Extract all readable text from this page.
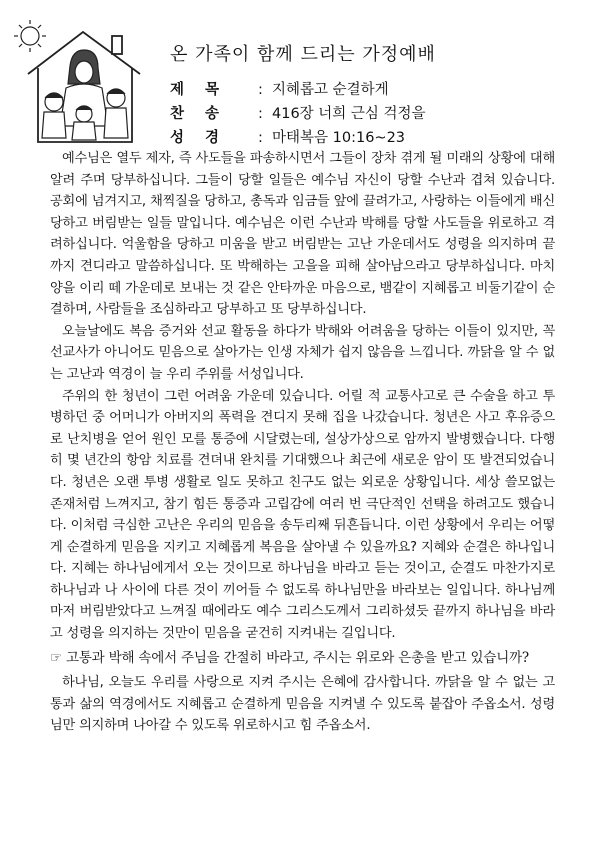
온 가족이 함께 드리는 가정예배
제 목	: 지혜롭고 순결하게
찬 송	: 416장 너희 근심 걱정을
성 경	: 마태복음 10:16~23

예수님은 열두 제자, 즉 사도들을 파송하시면서 그들이 장차 겪게 될 미래의 상황에 대해 알려 주며 당부하십니다. 그들이 당할 일들은 예수님 자신이 당할 수난과 겹쳐 있습니다. 공회에 넘겨지고, 채찍질을 당하고, 총독과 임금들 앞에 끌려가고, 사랑하는 이들에게 배신당하고 버림받는 일들 말입니다. 예수님은 이런 수난과 박해를 당할 사도들을 위로하고 격려하십니다. 억울함을 당하고 미움을 받고 버림받는 고난 가운데서도 성령을 의지하며 끝까지 견디라고 말씀하십니다. 또 박해하는 고을을 피해 살아남으라고 당부하십니다. 마치 양을 이리 떼 가운데로 보내는 것 같은 안타까운 마음으로, 뱀같이 지혜롭고 비둘기같이 순결하며, 사람들을 조심하라고 당부하고 또 당부하십니다.

오늘날에도 복음 증거와 선교 활동을 하다가 박해와 어려움을 당하는 이들이 있지만, 꼭 선교사가 아니어도 믿음으로 살아가는 인생 자체가 쉽지 않음을 느낍니다. 까닭을 알 수 없는 고난과 역경이 늘 우리 주위를 서성입니다.

주위의 한 청년이 그런 어려움 가운데 있습니다. 어릴 적 교통사고로 큰 수술을 하고 투병하던 중 어머니가 아버지의 폭력을 견디지 못해 집을 나갔습니다. 청년은 사고 후유증으로 난치병을 얻어 원인 모를 통증에 시달렸는데, 설상가상으로 암까지 발병했습니다. 다행히 몇 년간의 항암 치료를 견뎌내 완치를 기대했으나 최근에 새로운 암이 또 발견되었습니다. 청년은 오랜 투병 생활로 일도 못하고 친구도 없는 외로운 상황입니다. 세상 쓸모없는 존재처럼 느껴지고, 참기 힘든 통증과 고립감에 여러 번 극단적인 선택을 하려고도 했습니다. 이처럼 극심한 고난은 우리의 믿음을 송두리째 뒤흔듭니다. 이런 상황에서 우리는 어떻게 순결하게 믿음을 지키고 지혜롭게 복음을 살아낼 수 있을까요? 지혜와 순결은 하나입니다. 지혜는 하나님에게서 오는 것이므로 하나님을 바라고 듣는 것이고, 순결도 마찬가지로 하나님과 나 사이에 다른 것이 끼어들 수 없도록 하나님만을 바라보는 일입니다. 하나님께마저 버림받았다고 느껴질 때에라도 예수 그리스도께서 그리하셨듯 끝까지 하나님을 바라고 성령을 의지하는 것만이 믿음을 굳건히 지켜내는 길입니다.

☞ 고통과 박해 속에서 주님을 간절히 바라고, 주시는 위로와 은총을 받고 있습니까?

하나님, 오늘도 우리를 사랑으로 지켜 주시는 은혜에 감사합니다. 까닭을 알 수 없는 고통과 삶의 역경에서도 지혜롭고 순결하게 믿음을 지켜낼 수 있도록 붙잡아 주옵소서. 성령님만 의지하며 나아갈 수 있도록 위로하시고 힘 주옵소서.
